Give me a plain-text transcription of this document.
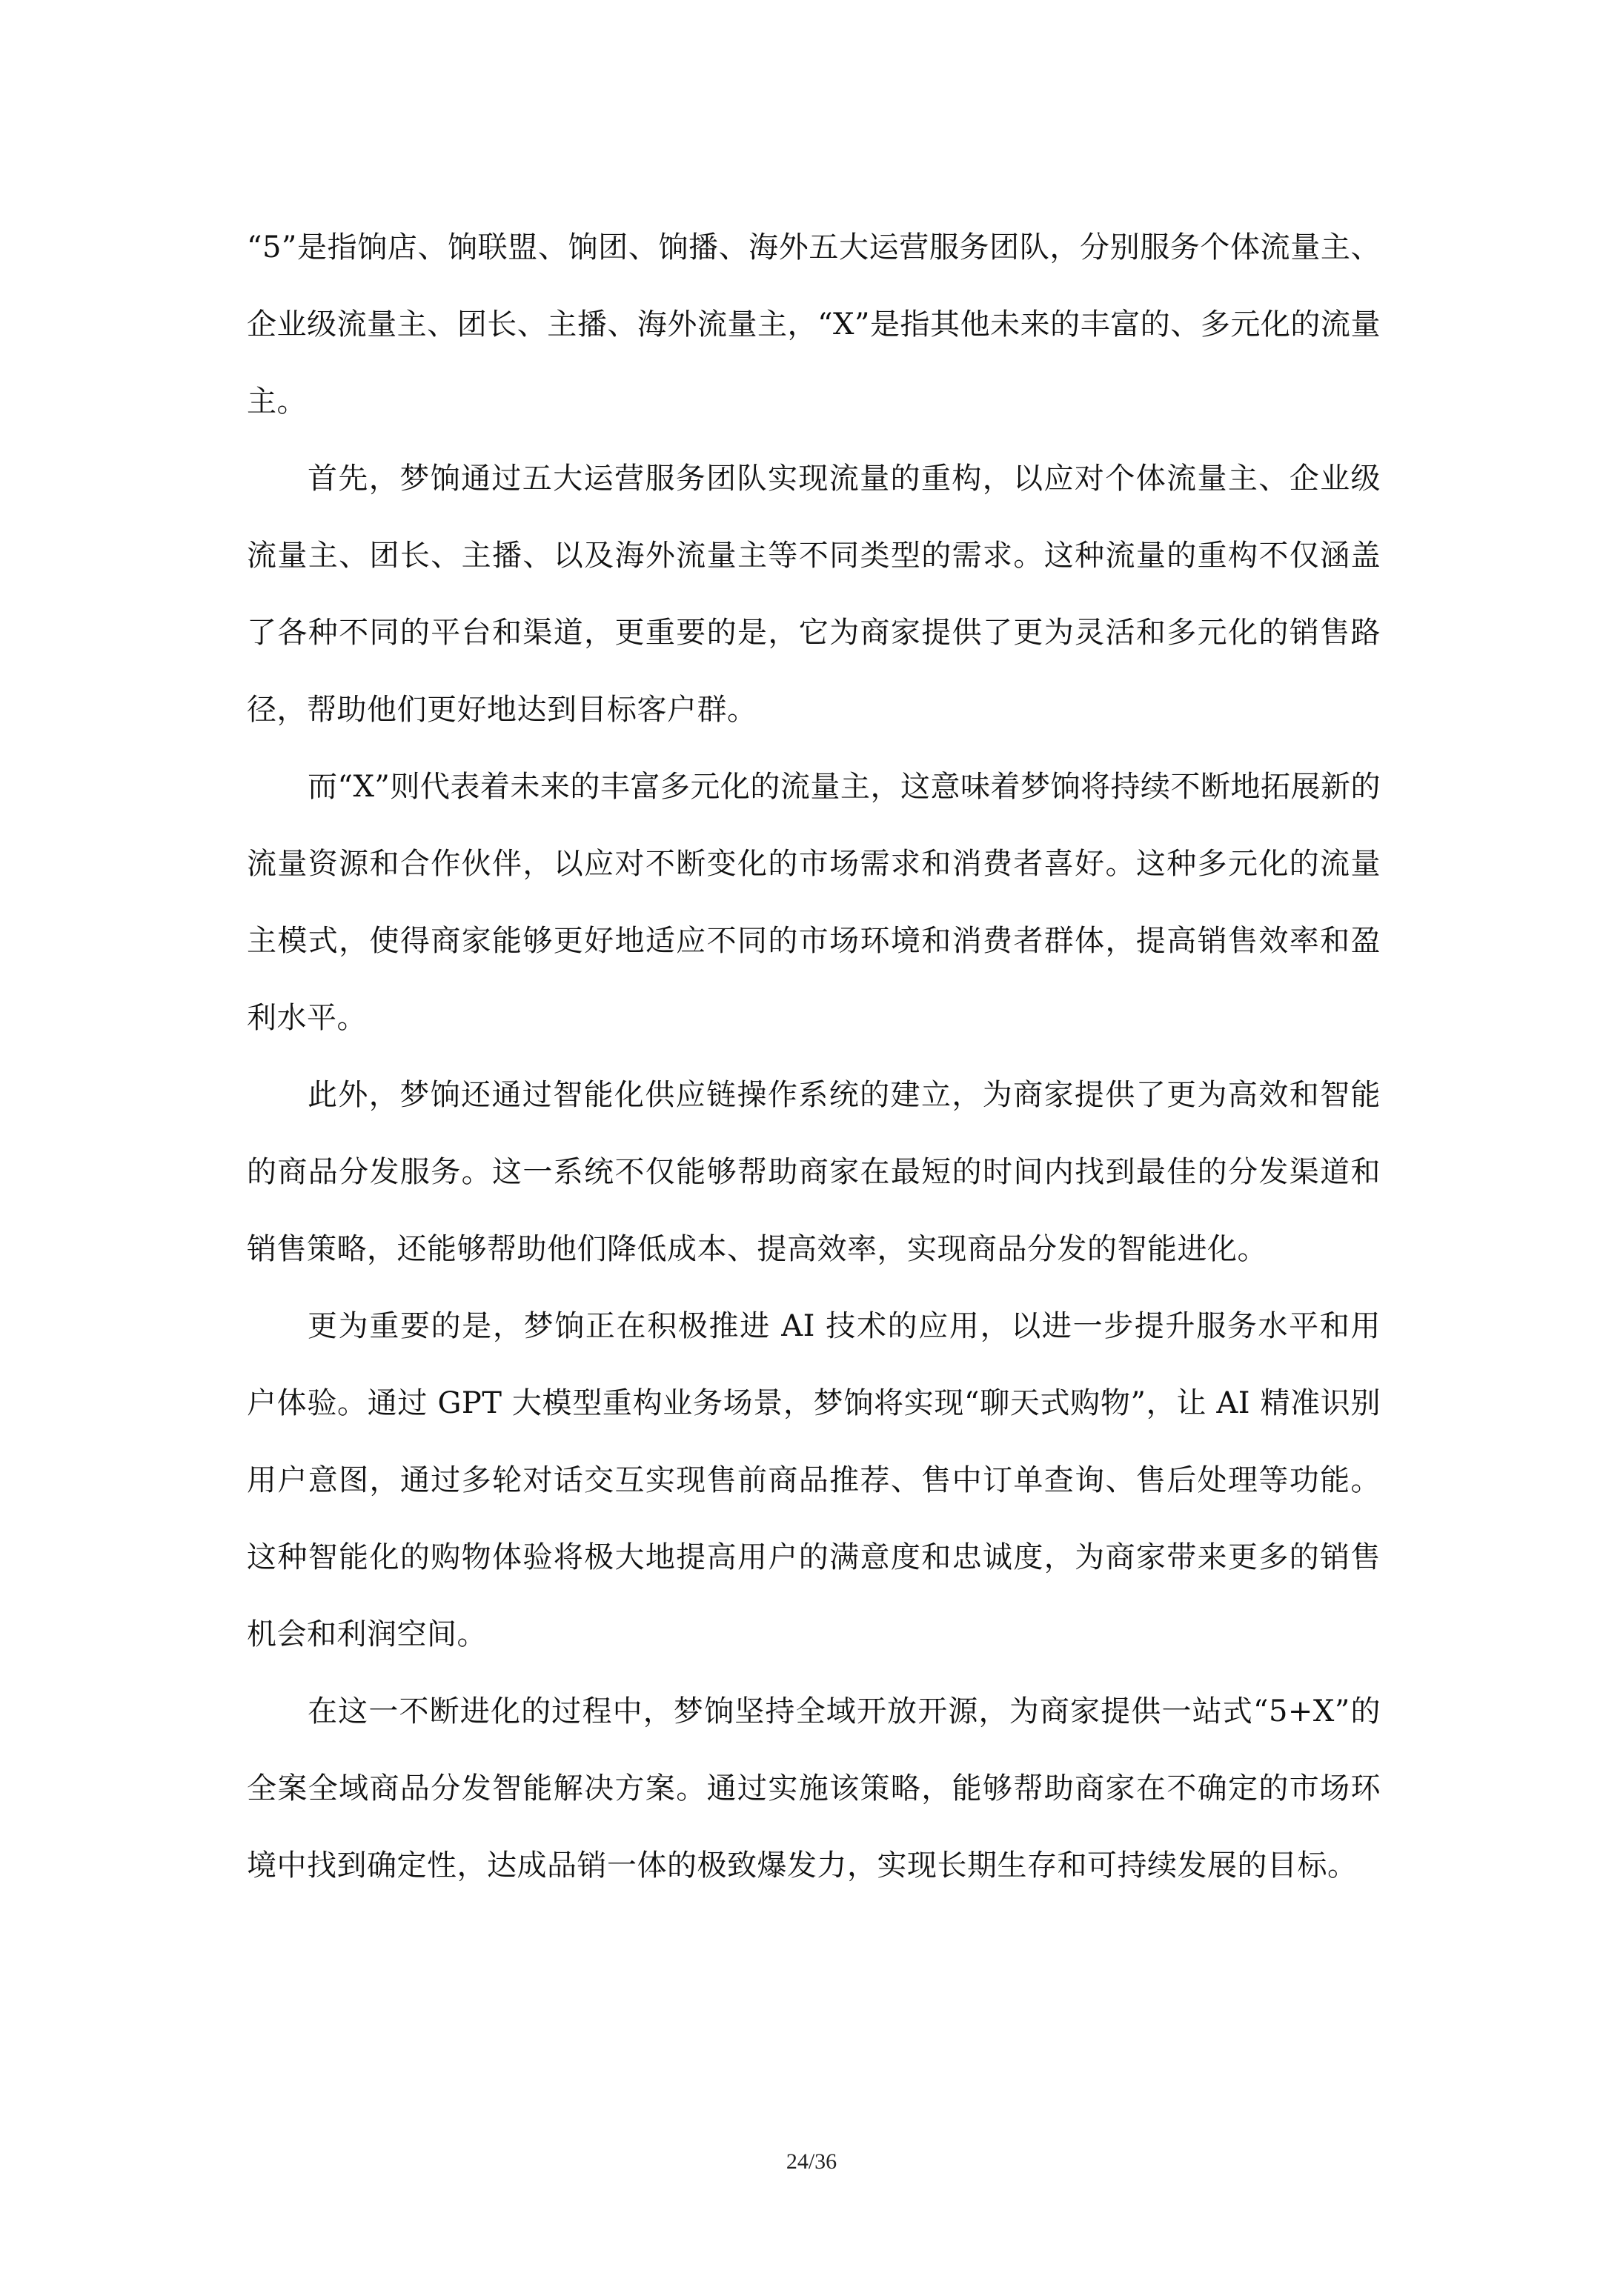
“5”是指饷店、饷联盟、饷团、饷播、海外五大运营服务团队，分别服务个体流量主、企业级流量主、团长、主播、海外流量主，“X”是指其他未来的丰富的、多元化的流量主。

首先，梦饷通过五大运营服务团队实现流量的重构，以应对个体流量主、企业级流量主、团长、主播、以及海外流量主等不同类型的需求。这种流量的重构不仅涵盖了各种不同的平台和渠道，更重要的是，它为商家提供了更为灵活和多元化的销售路径，帮助他们更好地达到目标客户群。

而“X”则代表着未来的丰富多元化的流量主，这意味着梦饷将持续不断地拓展新的流量资源和合作伙伴，以应对不断变化的市场需求和消费者喜好。这种多元化的流量主模式，使得商家能够更好地适应不同的市场环境和消费者群体，提高销售效率和盈利水平。

此外，梦饷还通过智能化供应链操作系统的建立，为商家提供了更为高效和智能的商品分发服务。这一系统不仅能够帮助商家在最短的时间内找到最佳的分发渠道和销售策略，还能够帮助他们降低成本、提高效率，实现商品分发的智能进化。

更为重要的是，梦饷正在积极推进 AI 技术的应用，以进一步提升服务水平和用户体验。通过 GPT 大模型重构业务场景，梦饷将实现“聊天式购物”，让 AI 精准识别用户意图，通过多轮对话交互实现售前商品推荐、售中订单查询、售后处理等功能。这种智能化的购物体验将极大地提高用户的满意度和忠诚度，为商家带来更多的销售机会和利润空间。

在这一不断进化的过程中，梦饷坚持全域开放开源，为商家提供一站式“5+X”的全案全域商品分发智能解决方案。通过实施该策略，能够帮助商家在不确定的市场环境中找到确定性，达成品销一体的极致爆发力，实现长期生存和可持续发展的目标。

24/36
